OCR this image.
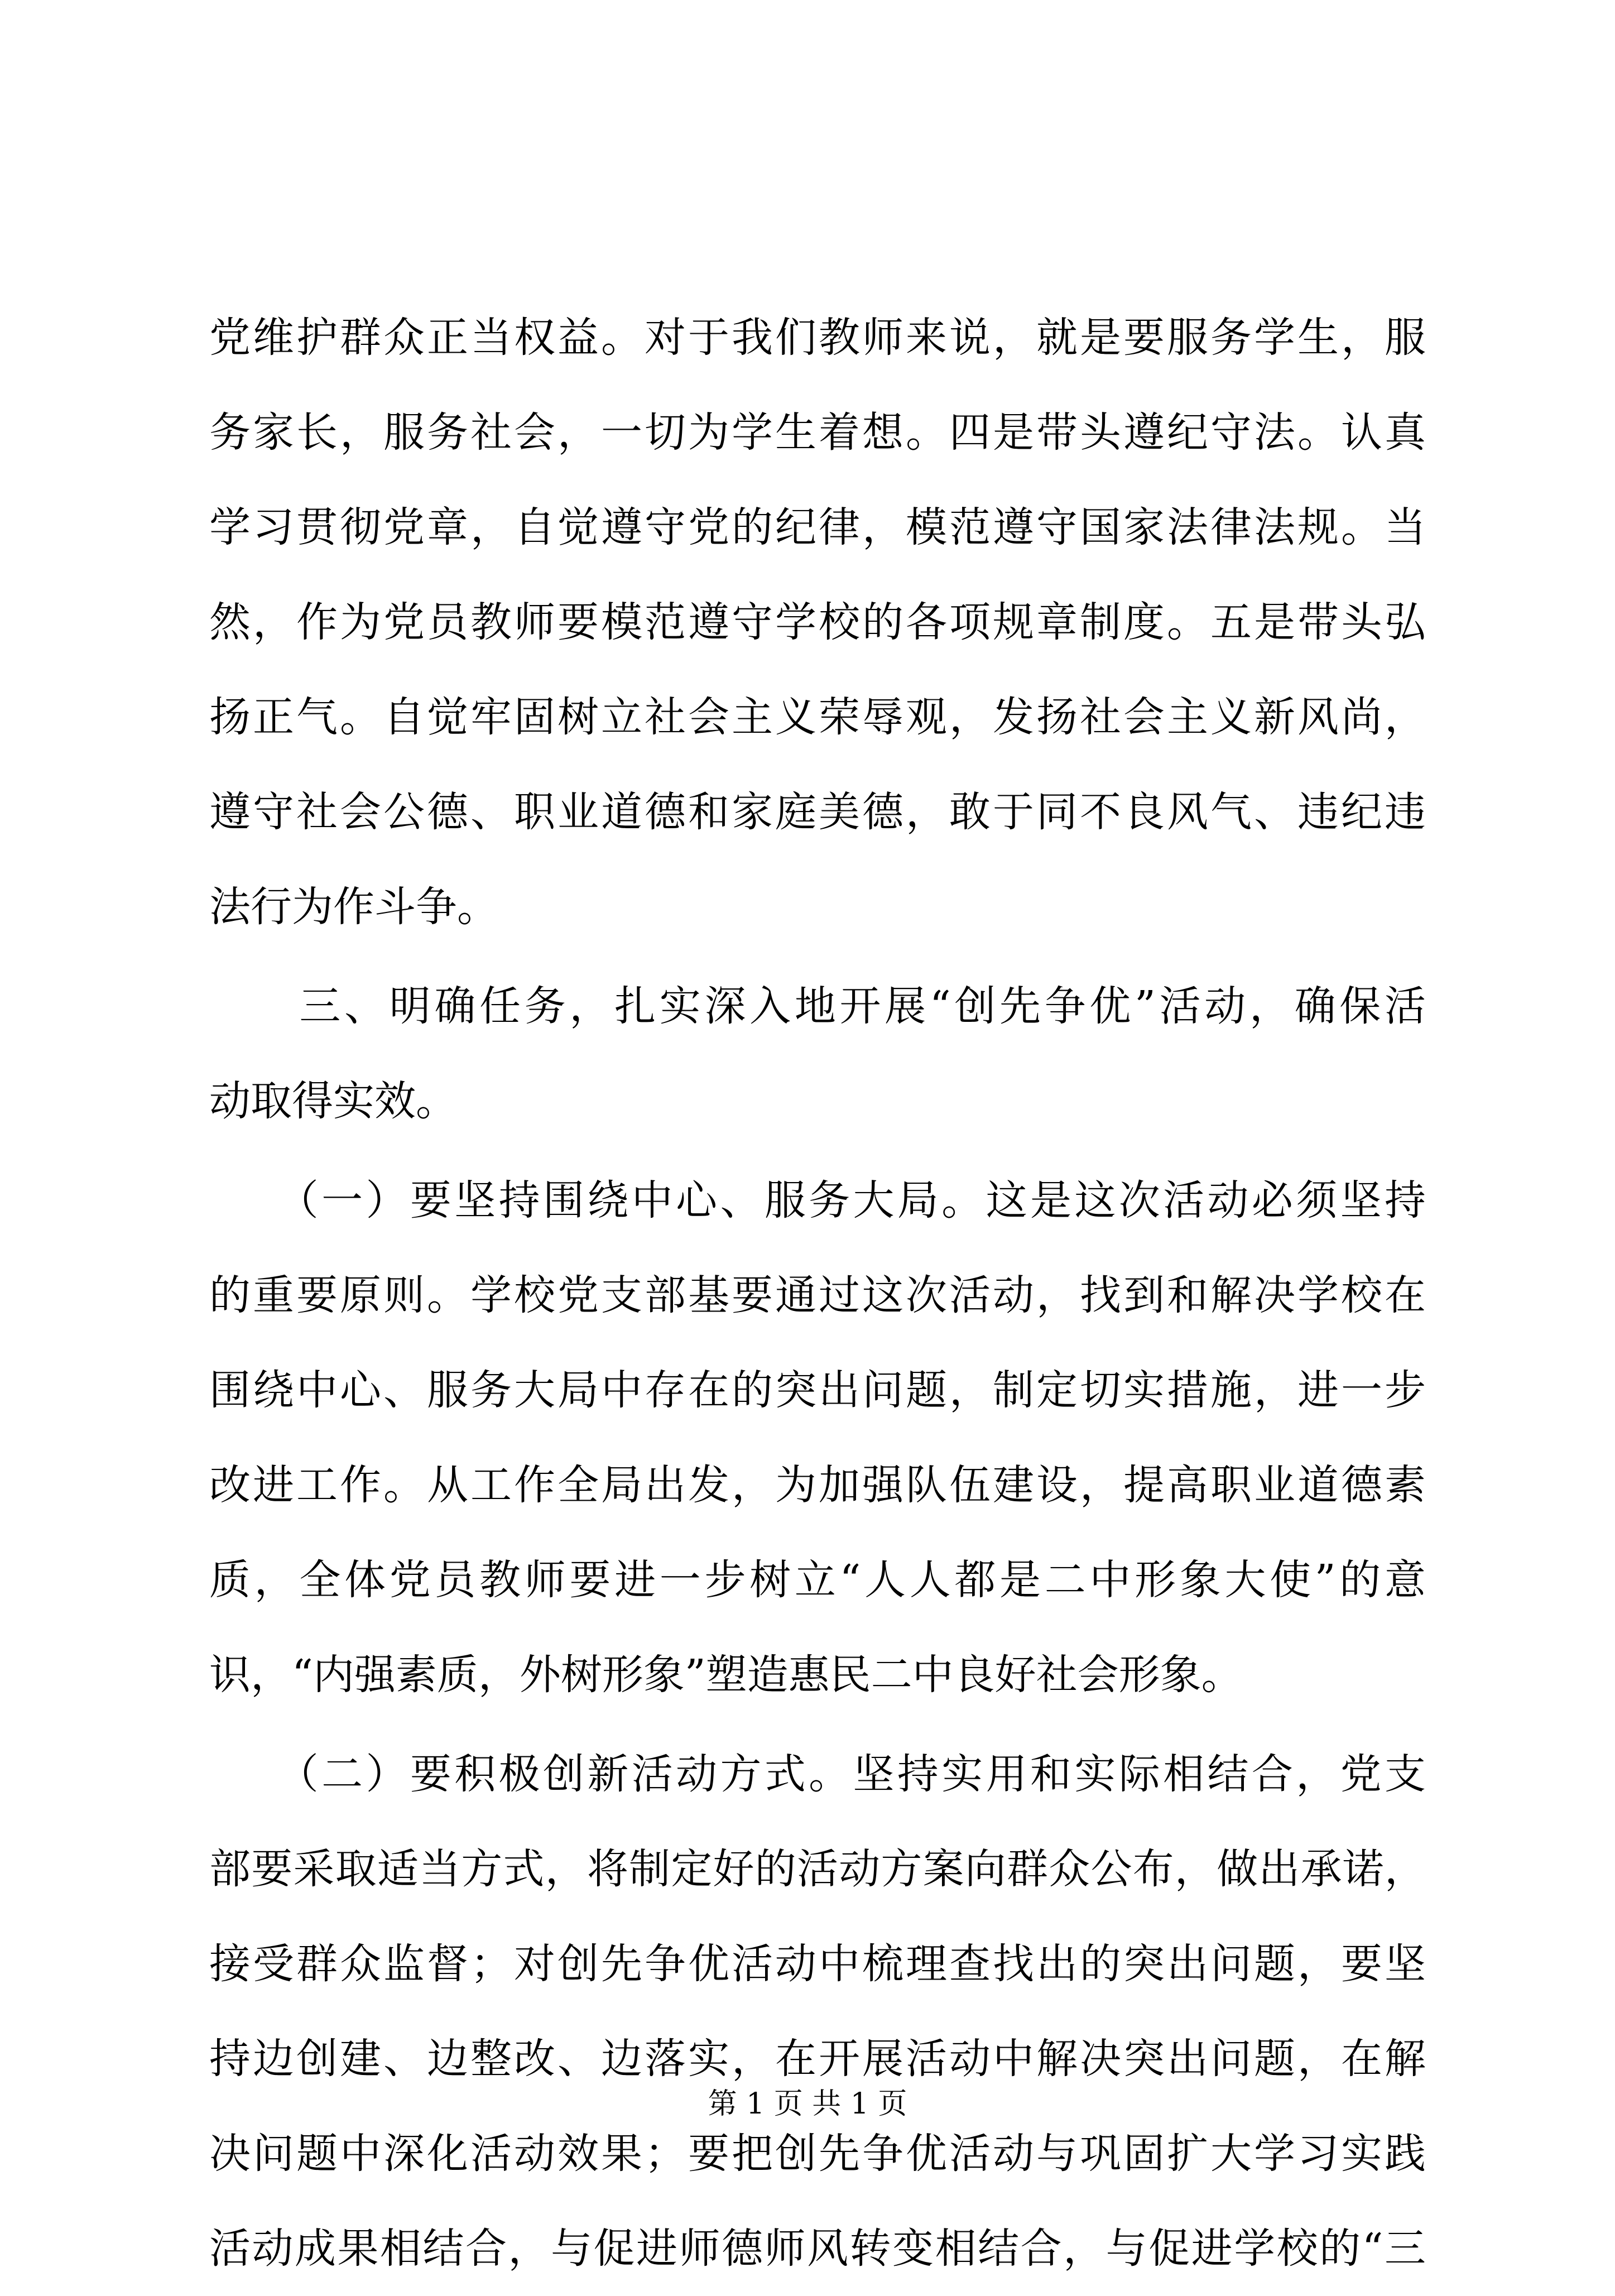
党维护群众正当权益。对于我们教师来说，就是要服务学生，服
务家长，服务社会，一切为学生着想。四是带头遵纪守法。认真
学习贯彻党章，自觉遵守党的纪律，模范遵守国家法律法规。当
然，作为党员教师要模范遵守学校的各项规章制度。五是带头弘
扬正气。自觉牢固树立社会主义荣辱观，发扬社会主义新风尚，
遵守社会公德、职业道德和家庭美德，敢于同不良风气、违纪违
法行为作斗争。
　　三、明确任务，扎实深入地开展“创先争优”活动，确保活
动取得实效。
　　（一）要坚持围绕中心、服务大局。这是这次活动必须坚持
的重要原则。学校党支部基要通过这次活动，找到和解决学校在
围绕中心、服务大局中存在的突出问题，制定切实措施，进一步
改进工作。从工作全局出发，为加强队伍建设，提高职业道德素
质，全体党员教师要进一步树立“人人都是二中形象大使”的意
识，“内强素质，外树形象”塑造惠民二中良好社会形象。
　　（二）要积极创新活动方式。坚持实用和实际相结合，党支
部要采取适当方式，将制定好的活动方案向群众公布，做出承诺，
接受群众监督；对创先争优活动中梳理查找出的突出问题，要坚
持边创建、边整改、边落实，在开展活动中解决突出问题，在解
决问题中深化活动效果；要把创先争优活动与巩固扩大学习实践
活动成果相结合，与促进师德师风转变相结合，与促进学校的“三
第 1 页 共 1 页
